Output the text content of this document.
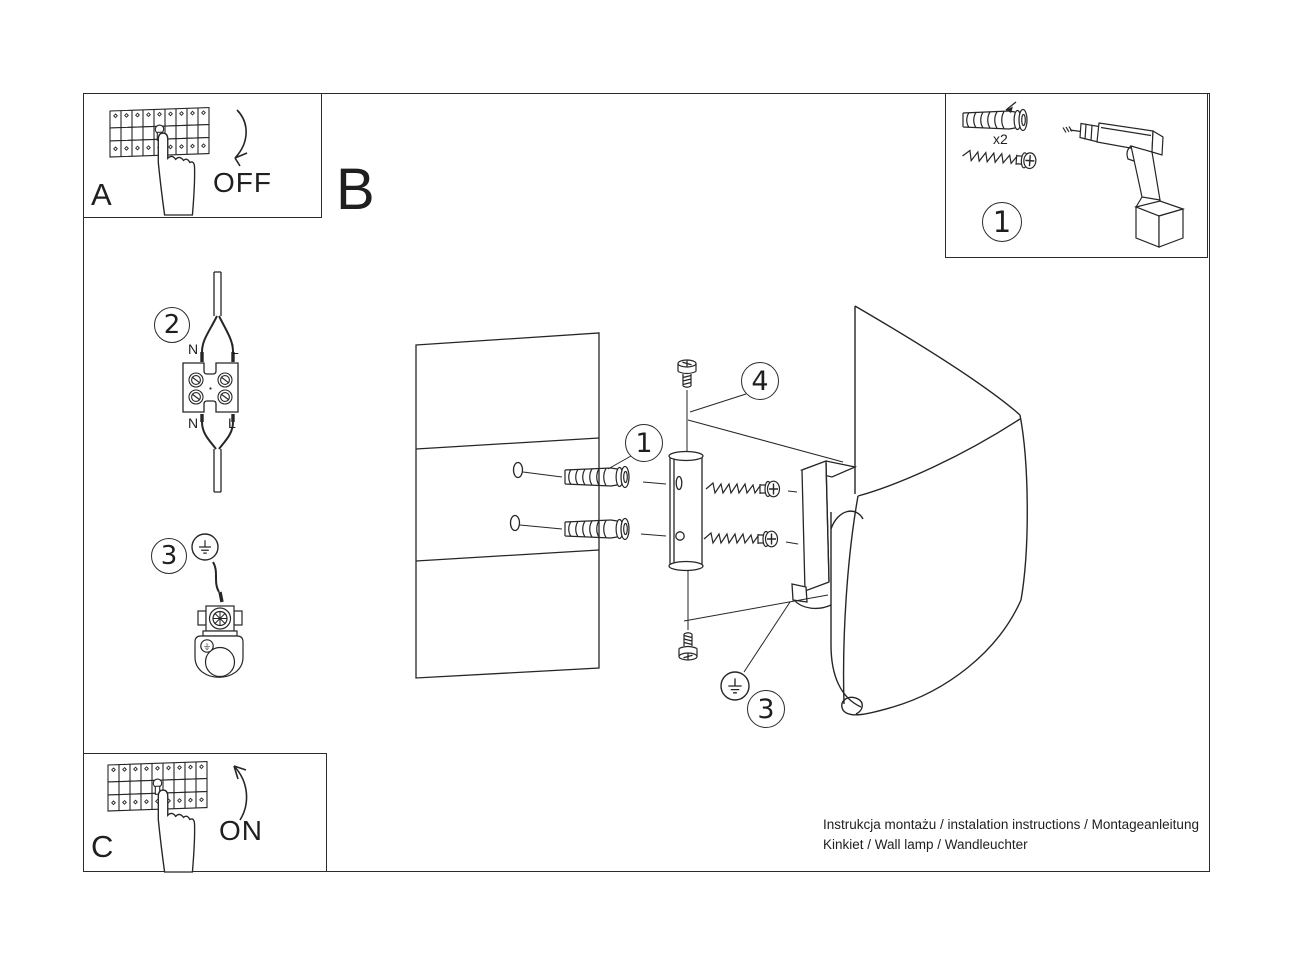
B
A	OFF
C	ON
x2
N L
N L
1
1
4
2
3
3
Instrukcja montażu / instalation instructions / Montageanleitung
Kinkiet / Wall lamp / Wandleuchter
